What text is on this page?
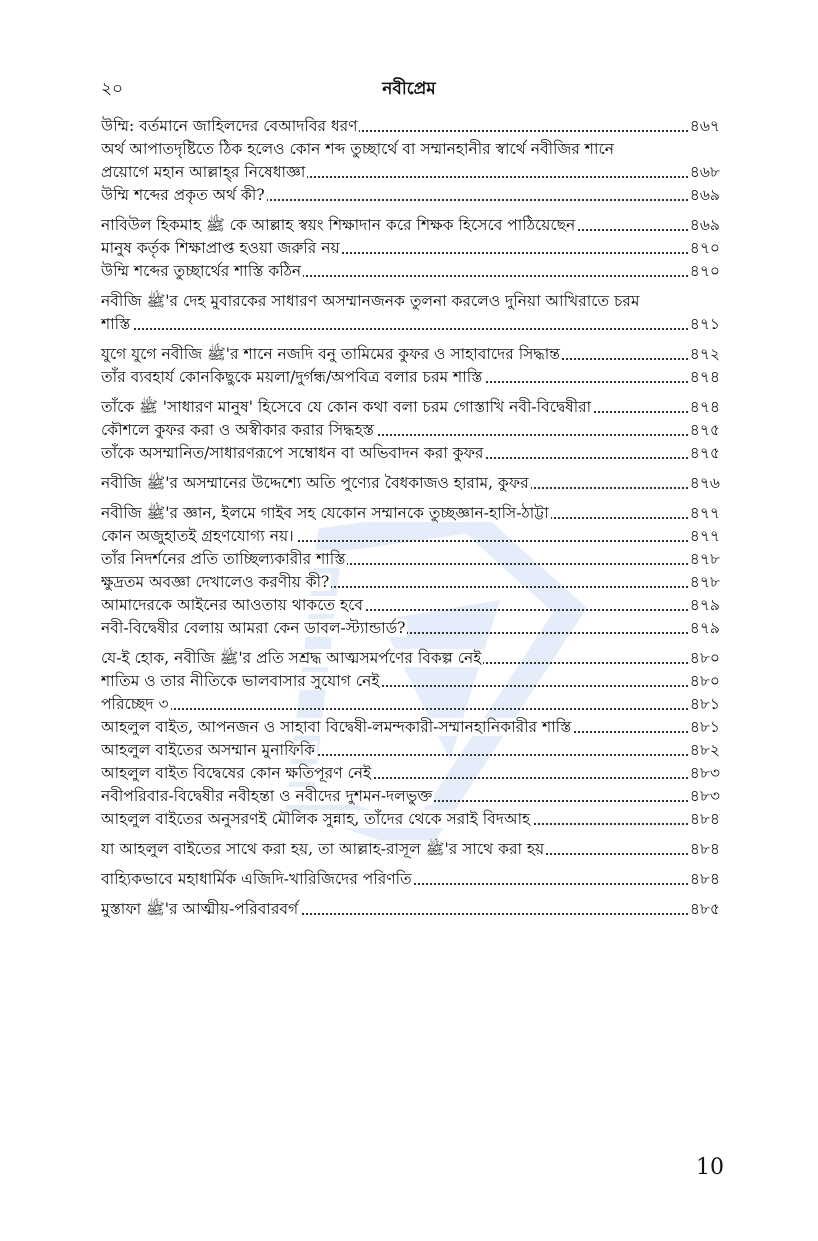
২০	নবীপ্রেম
উম্মি: বর্তমানে জাহিলদের বেআদবির ধরণ	৪৬৭
অর্থ আপাতদৃষ্টিতে ঠিক হলেও কোন শব্দ তুচ্ছার্থে বা সম্মানহানীর স্বার্থে নবীজির শানে
প্রয়োগে মহান আল্লাহ্‌র নিষেধাজ্ঞা	৪৬৮
উম্মি শব্দের প্রকৃত অর্থ কী?	৪৬৯
নাবিউল হিকমাহ ﷺ কে আল্লাহ স্বয়ং শিক্ষাদান করে শিক্ষক হিসেবে পাঠিয়েছেন	৪৬৯
মানুষ কর্তৃক শিক্ষাপ্রাপ্ত হওয়া জরুরি নয়	৪৭০
উম্মি শব্দের তুচ্ছার্থের শাস্তি কঠিন	৪৭০
নবীজি ﷺ'র দেহ মুবারকের সাধারণ অসম্মানজনক তুলনা করলেও দুনিয়া আখিরাতে চরম
শাস্তি	৪৭১
যুগে যুগে নবীজি ﷺ'র শানে নজদি বনু তামিমের কুফর ও সাহাবাদের সিদ্ধান্ত	৪৭২
তাঁর ব্যবহার্য কোনকিছুকে ময়লা/দুর্গন্ধ/অপবিত্র বলার চরম শাস্তি	৪৭৪
তাঁকে ﷺ 'সাধারণ মানুষ' হিসেবে যে কোন কথা বলা চরম গোস্তাখি নবী-বিদ্বেষীরা	৪৭৪
কৌশলে কুফর করা ও অস্বীকার করার সিদ্ধহস্ত	৪৭৫
তাঁকে অসম্মানিত/সাধারণরূপে সম্বোধন বা অভিবাদন করা কুফর	৪৭৫
নবীজি ﷺ'র অসম্মানের উদ্দেশ্যে অতি পুণ্যের বৈধকাজও হারাম, কুফর	৪৭৬
নবীজি ﷺ'র জ্ঞান, ইলমে গাইব সহ যেকোন সম্মানকে তুচ্ছজ্ঞান-হাসি-ঠাট্টা	৪৭৭
কোন অজুহাতই গ্রহণযোগ্য নয়।	৪৭৭
তাঁর নিদর্শনের প্রতি তাচ্ছিল্যকারীর শাস্তি	৪৭৮
ক্ষুদ্রতম অবজ্ঞা দেখালেও করণীয় কী?	৪৭৮
আমাদেরকে আইনের আওতায় থাকতে হবে	৪৭৯
নবী-বিদ্বেষীর বেলায় আমরা কেন ডাবল-স্ট্যান্ডার্ড?	৪৭৯
যে-ই হোক, নবীজি ﷺ'র প্রতি সশ্রদ্ধ আত্মসমর্পণের বিকল্প নেই	৪৮০
শাতিম ও তার নীতিকে ভালবাসার সুযোগ নেই	৪৮০
পরিচ্ছেদ ৩	৪৮১
আহলুল বাইত, আপনজন ও সাহাবা বিদ্বেষী-লমন্দকারী-সম্মানহানিকারীর শাস্তি	৪৮১
আহলুল বাইতের অসম্মান মুনাফিকি	৪৮২
আহলুল বাইত বিদ্বেষের কোন ক্ষতিপূরণ নেই	৪৮৩
নবীপরিবার-বিদ্বেষীর নবীহন্তা ও নবীদের দুশমন-দলভুক্ত	৪৮৩
আহলুল বাইতের অনুসরণই মৌলিক সুন্নাহ, তাঁদের থেকে সরাই বিদআহ	৪৮৪
যা আহলুল বাইতের সাথে করা হয়, তা আল্লাহ-রাসূল ﷺ'র সাথে করা হয়	৪৮৪
বাহ্যিকভাবে মহাধার্মিক এজিদি-খারিজিদের পরিণতি	৪৮৪
মুস্তাফা ﷺ'র আত্মীয়-পরিবারবর্গ	৪৮৫
10
